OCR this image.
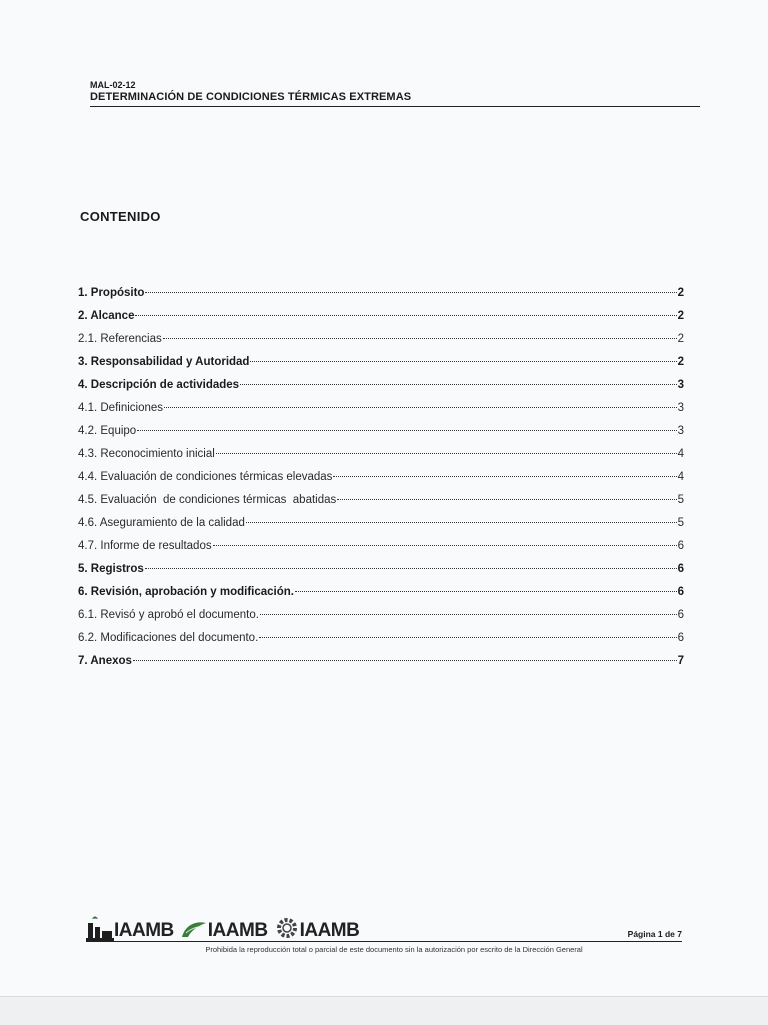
MAL-02-12
DETERMINACIÓN DE CONDICIONES TÉRMICAS EXTREMAS
CONTENIDO
1. Propósito	2
2. Alcance	2
2.1. Referencias	2
3. Responsabilidad y Autoridad	2
4. Descripción de actividades	3
4.1. Definiciones	3
4.2. Equipo	3
4.3. Reconocimiento inicial	4
4.4. Evaluación de condiciones térmicas elevadas	4
4.5. Evaluación  de condiciones térmicas  abatidas	5
4.6. Aseguramiento de la calidad	5
4.7. Informe de resultados	6
5. Registros	6
6. Revisión, aprobación y modificación.	6
6.1. Revisó y aprobó el documento.	6
6.2. Modificaciones del documento.	6
7. Anexos	7
IAAMB IAAMB IAAMB	Página 1 de 7
Prohibida la reproducción total o parcial de este documento sin la autorización por escrito de la Dirección General
